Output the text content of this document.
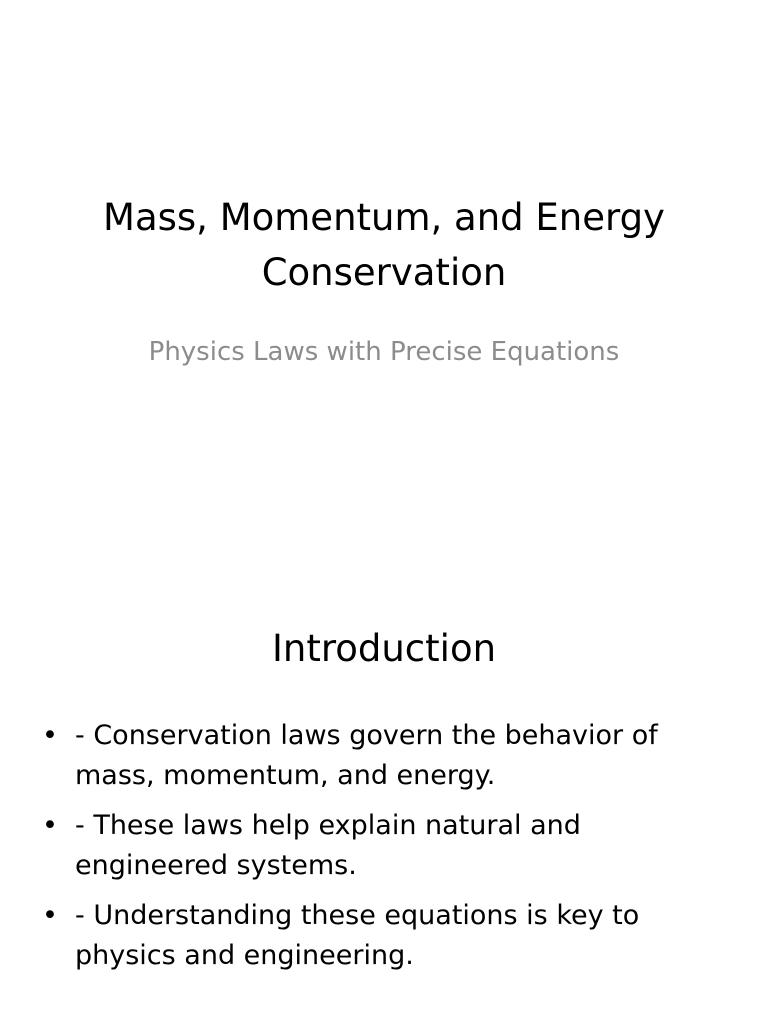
Mass, Momentum, and Energy
Conservation
Physics Laws with Precise Equations
Introduction
• - Conservation laws govern the behavior of mass, momentum, and energy.
• - These laws help explain natural and engineered systems.
• - Understanding these equations is key to physics and engineering.
